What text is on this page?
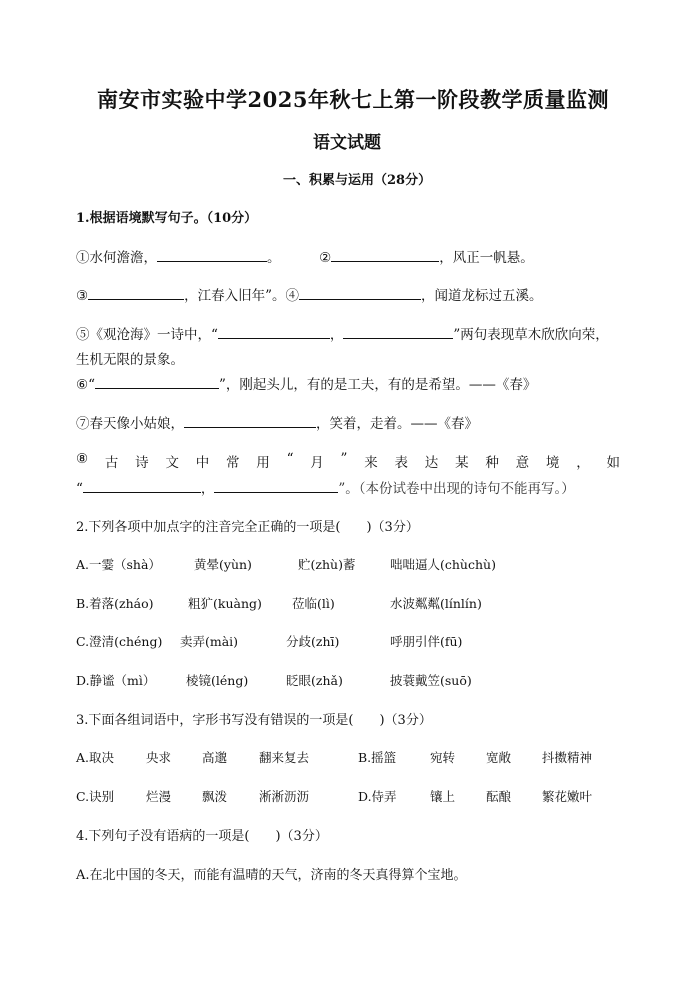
南安市实验中学2025年秋七上第一阶段教学质量监测
语文试题
一、积累与运用（28分）
1.根据语境默写句子。（10分）
①水何澹澹，	。	②	，风正一帆悬。
③	，江春入旧年”。④	，闻道龙标过五溪。
⑤《观沧海》一诗中，“	，	”两句表现草木欣欣向荣，
生机无限的景象。
⑥“	”，刚起头儿，有的是工夫，有的是希望。——《春》
⑦春天像小姑娘，	，笑着，走着。——《春》
⑧ 古 诗 文 中 常 用 “ 月 ” 来 表 达 某 种 意 境 ， 如
“	，	”。（本份试卷中出现的诗句不能再写。）
2.下列各项中加点字的注音完全正确的一项是(　　)（3分）
A.一霎（shà）	黄晕(yùn)	贮(zhù)蓄	咄咄逼人(chùchù)
B.着落(zháo)	粗犷(kuàng) 莅临(lì)	水波粼粼(línlín)
C.澄清(chéng) 卖弄(mài)	分歧(zhī)	呼朋引伴(fū)
D.静谧（mì） 棱镜(léng)	眨眼(zhǎ)	披蓑戴笠(suō)
3.下面各组词语中，字形书写没有错误的一项是(　　)（3分）
A.取决	央求 高邈	翻来复去	B.摇篮	宛转 宽敞 抖擞精神
C.诀别	烂漫 飘泼	淅淅沥沥	D.侍弄	镶上 酝酿 繁花嫩叶
4.下列句子没有语病的一项是(　　)（3分）
A.在北中国的冬天，而能有温晴的天气，济南的冬天真得算个宝地。
